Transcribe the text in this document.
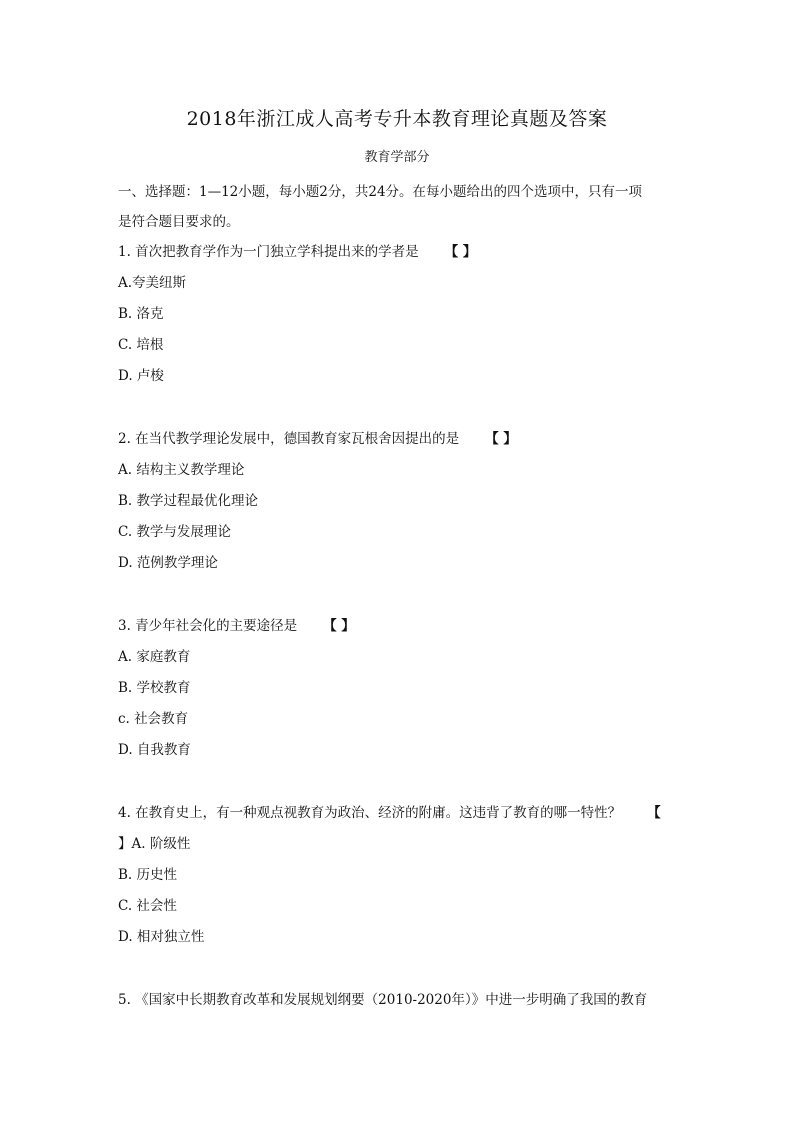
2018年浙江成人高考专升本教育理论真题及答案
教育学部分
一、选择题：1—12小题，每小题2分，共24分。在每小题给出的四个选项中，只有一项
是符合题目要求的。
1. 首次把教育学作为一门独立学科提出来的学者是 【 】
A.夸美纽斯
B. 洛克
C. 培根
D. 卢梭
2. 在当代教学理论发展中，德国教育家瓦根舍因提出的是 【 】
A. 结构主义教学理论
B. 教学过程最优化理论
C. 教学与发展理论
D. 范例教学理论
3. 青少年社会化的主要途径是 【 】
A. 家庭教育
B. 学校教育
c. 社会教育
D. 自我教育
4. 在教育史上，有一种观点视教育为政治、经济的附庸。这违背了教育的哪一特性？ 【
】A. 阶级性
B. 历史性
C. 社会性
D. 相对独立性
5. 《国家中长期教育改革和发展规划纲要（2010-2020年）》中进一步明确了我国的教育
